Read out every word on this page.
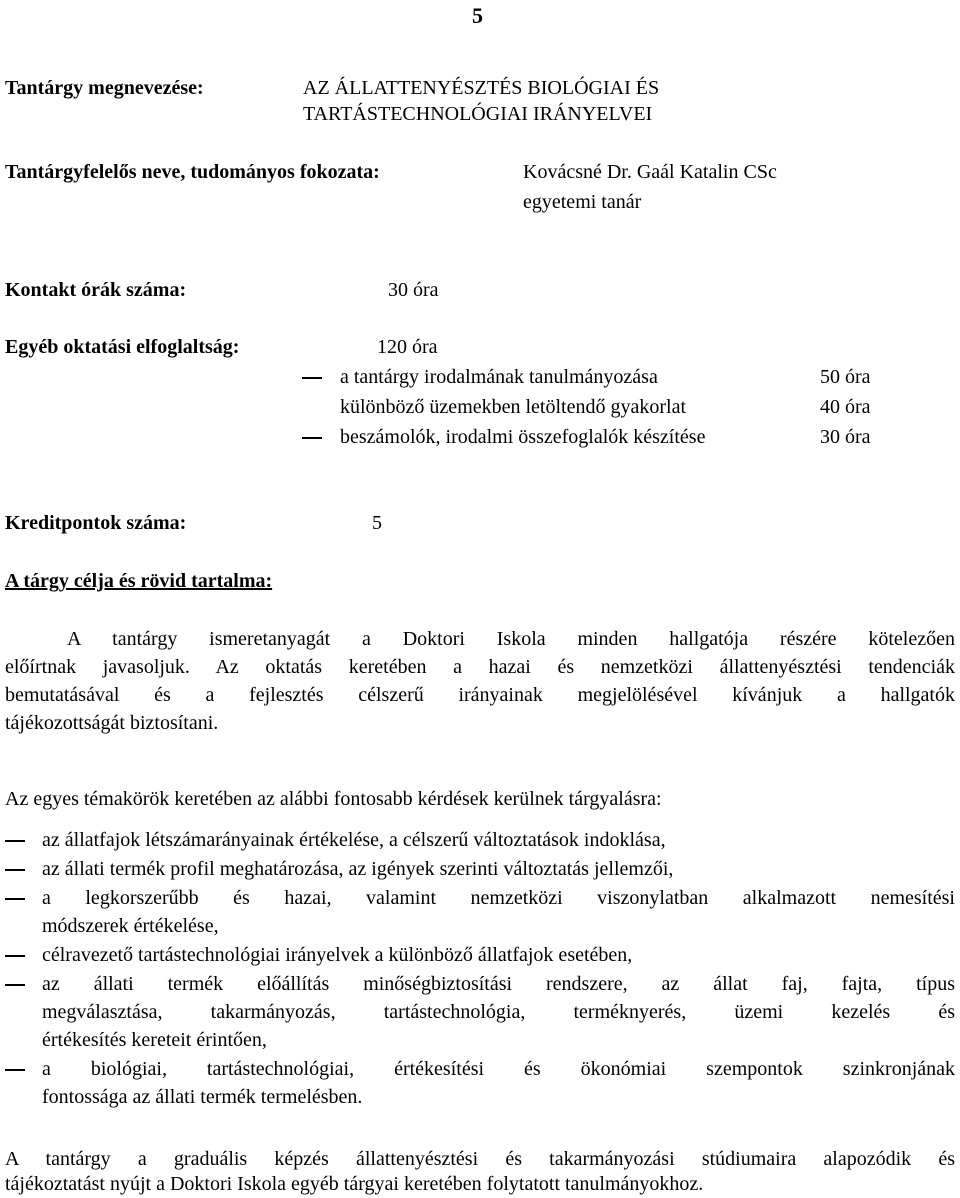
5
Tantárgy megnevezése:	AZ ÁLLATTENYÉSZTÉS BIOLÓGIAI ÉS
TARTÁSTECHNOLÓGIAI IRÁNYELVEI
Tantárgyfelelős neve, tudományos fokozata:	Kovácsné Dr. Gaál Katalin CSc
egyetemi tanár
Kontakt órák száma:	30 óra
Egyéb oktatási elfoglaltság:	120 óra
a tantárgy irodalmának tanulmányozása	50 óra
különböző üzemekben letöltendő gyakorlat	40 óra
beszámolók, irodalmi összefoglalók készítése	30 óra
Kreditpontok száma:	5
A tárgy célja és rövid tartalma:
A tantárgy ismeretanyagát a Doktori Iskola minden hallgatója részére kötelezően
előírtnak javasoljuk. Az oktatás keretében a hazai és nemzetközi állattenyésztési tendenciák
bemutatásával és a fejlesztés célszerű irányainak megjelölésével kívánjuk a hallgatók
tájékozottságát biztosítani.
Az egyes témakörök keretében az alábbi fontosabb kérdések kerülnek tárgyalásra:
az állatfajok létszámarányainak értékelése, a célszerű változtatások indoklása,
az állati termék profil meghatározása, az igények szerinti változtatás jellemzői,
a legkorszerűbb és hazai, valamint nemzetközi viszonylatban alkalmazott nemesítési
módszerek értékelése,
célravezető tartástechnológiai irányelvek a különböző állatfajok esetében,
az állati termék előállítás minőségbiztosítási rendszere, az állat faj, fajta, típus
megválasztása, takarmányozás, tartástechnológia, terméknyerés, üzemi kezelés és
értékesítés kereteit érintően,
a biológiai, tartástechnológiai, értékesítési és ökonómiai szempontok szinkronjának
fontossága az állati termék termelésben.
A tantárgy a graduális képzés állattenyésztési és takarmányozási stúdiumaira alapozódik és
tájékoztatást nyújt a Doktori Iskola egyéb tárgyai keretében folytatott tanulmányokhoz.
